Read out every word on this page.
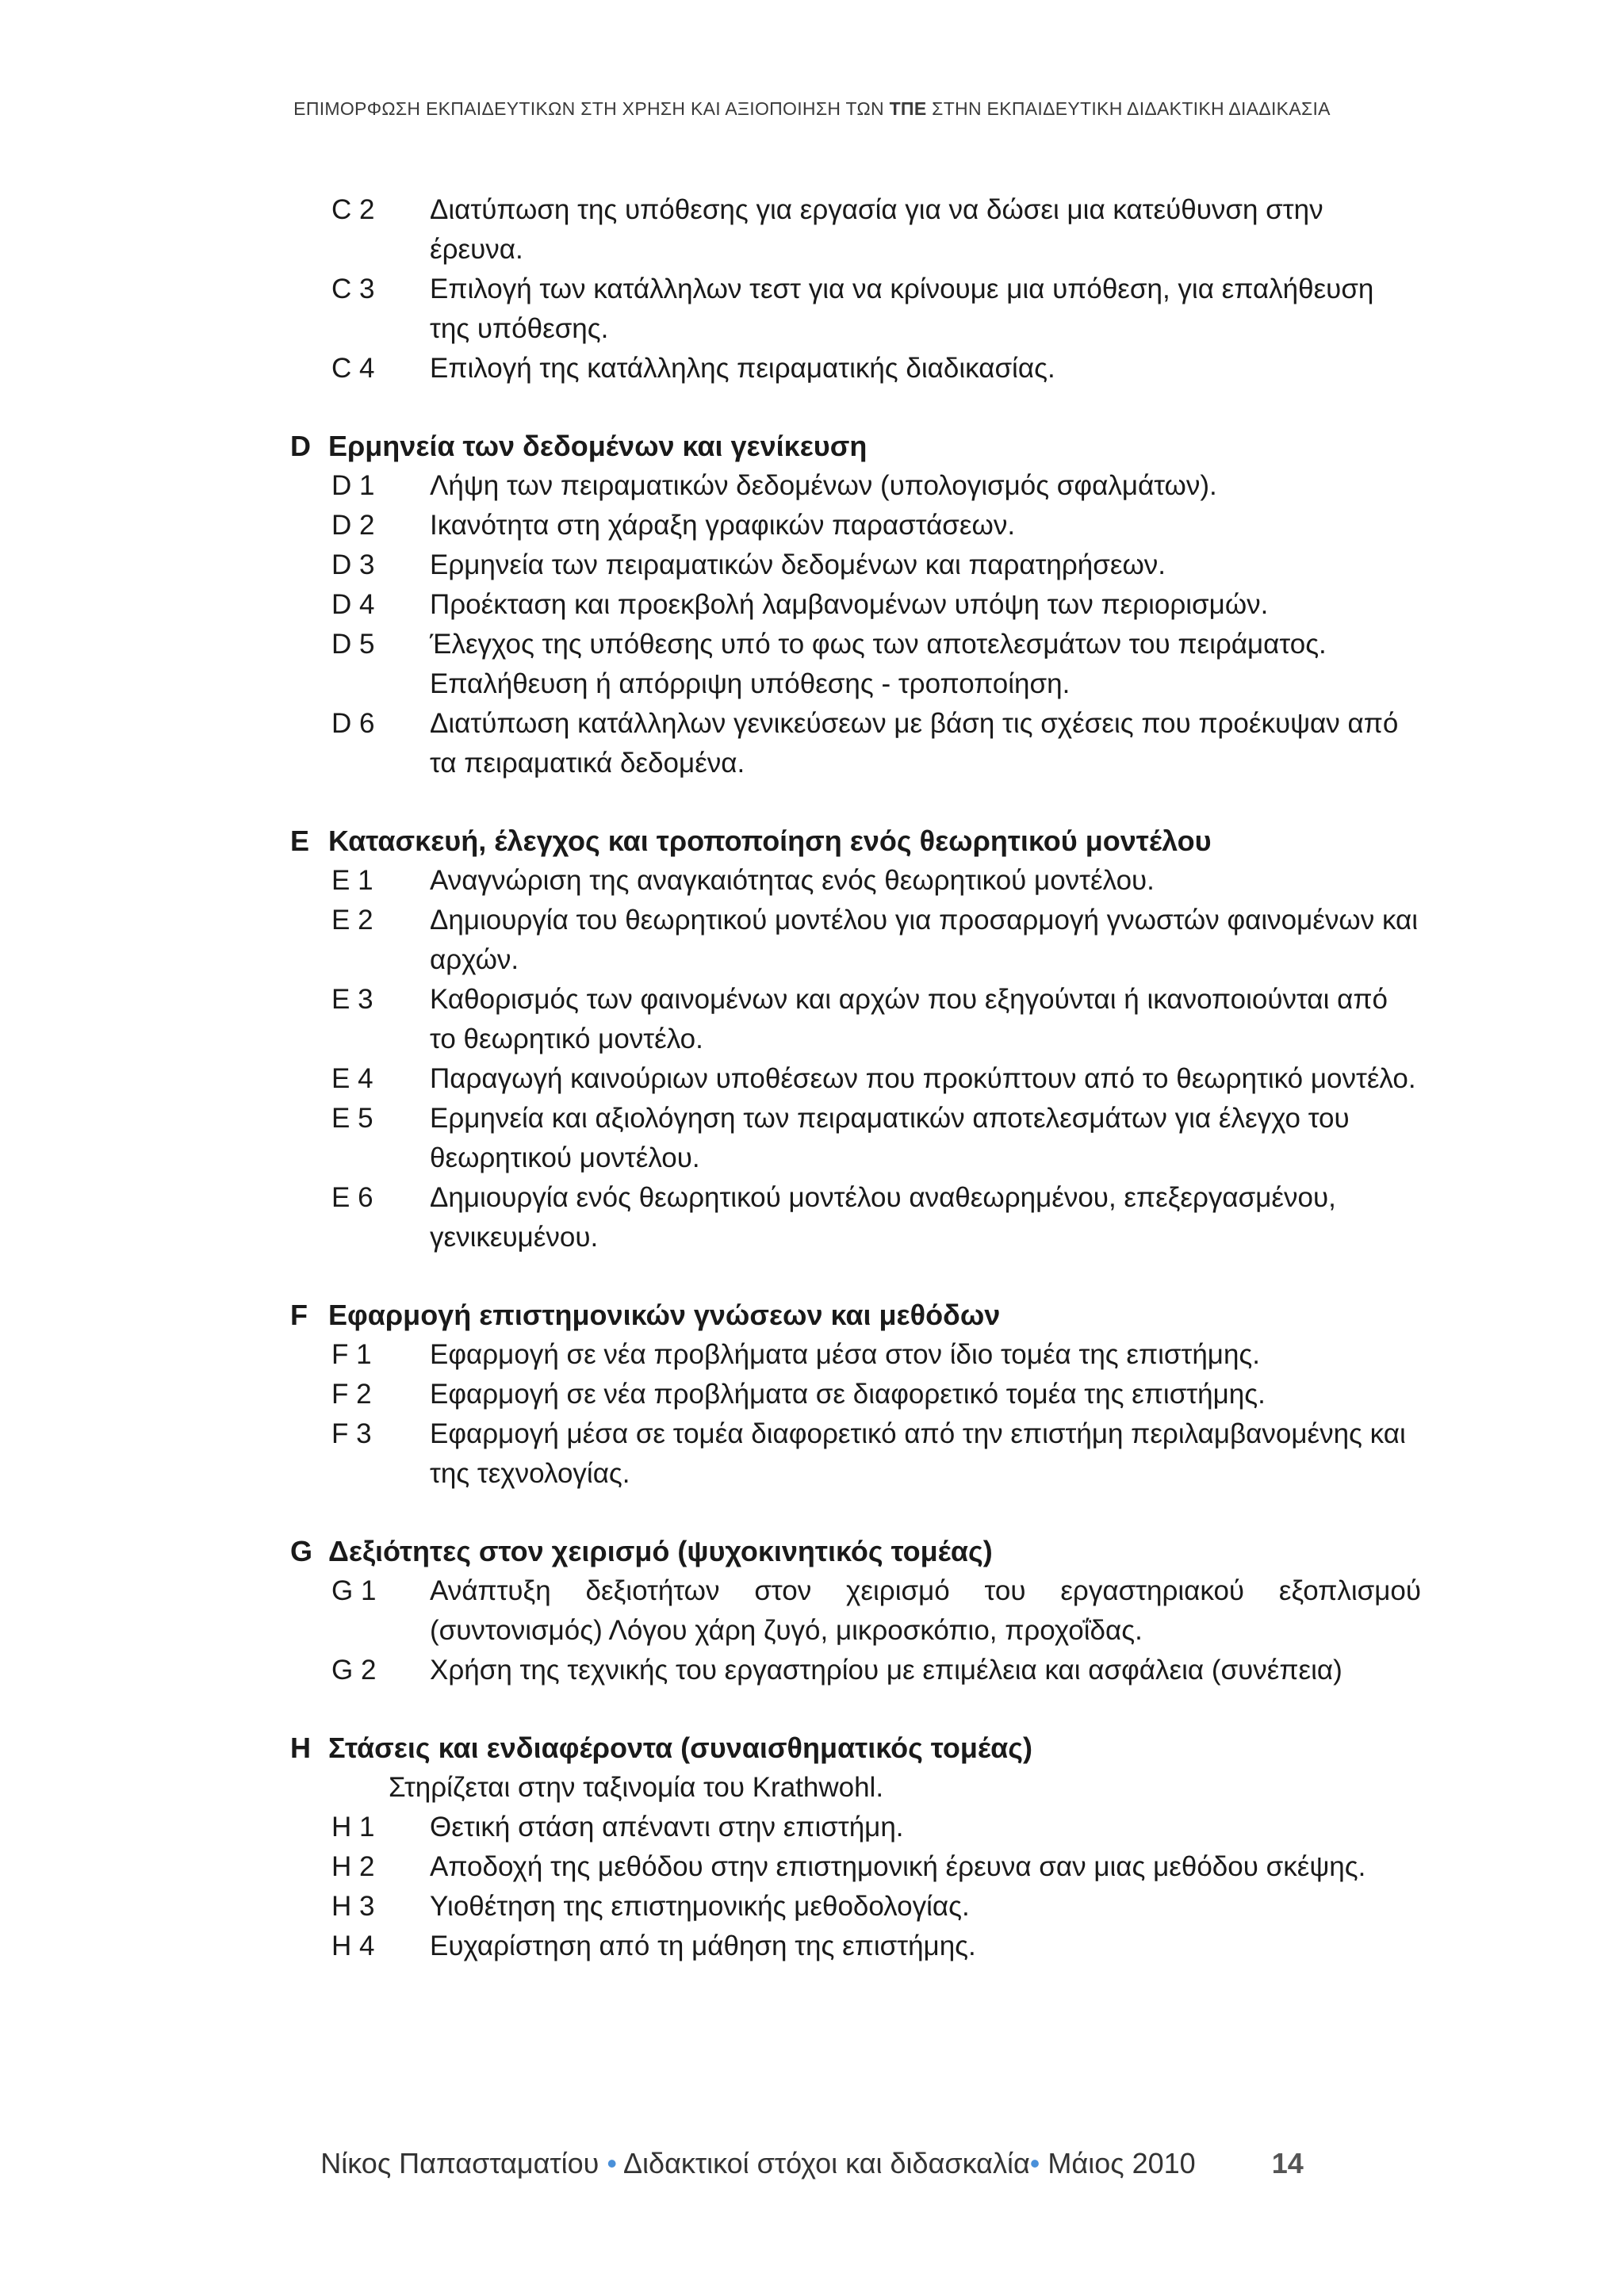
ΕΠΙΜΟΡΦΩΣΗ ΕΚΠΑΙΔΕΥΤΙΚΩΝ ΣΤΗ ΧΡΗΣΗ ΚΑΙ ΑΞΙΟΠΟΙΗΣΗ ΤΩΝ ΤΠΕ ΣΤΗΝ ΕΚΠΑΙΔΕΥΤΙΚΗ ΔΙΔΑΚΤΙΚΗ ΔΙΑΔΙΚΑΣΙΑ
C 2	Διατύπωση της υπόθεσης για εργασία για να δώσει μια κατεύθυνση στην έρευνα.
C 3	Επιλογή των κατάλληλων τεστ για να κρίνουμε μια υπόθεση, για επαλήθευση της υπόθεσης.
C 4	Επιλογή της κατάλληλης πειραματικής διαδικασίας.
D Ερμηνεία των δεδομένων και γενίκευση
D 1	Λήψη των πειραματικών δεδομένων (υπολογισμός σφαλμάτων).
D 2	Ικανότητα στη χάραξη γραφικών παραστάσεων.
D 3	Ερμηνεία των πειραματικών δεδομένων και παρατηρήσεων.
D 4	Προέκταση και προεκβολή λαμβανομένων υπόψη των περιορισμών.
D 5	Έλεγχος της υπόθεσης υπό το φως των αποτελεσμάτων του πειράματος. Επαλήθευση ή απόρριψη υπόθεσης - τροποποίηση.
D 6	Διατύπωση κατάλληλων γενικεύσεων με βάση τις σχέσεις που προέκυψαν από τα πειραματικά δεδομένα.
E Κατασκευή, έλεγχος και τροποποίηση ενός θεωρητικού μοντέλου
E 1	Αναγνώριση της αναγκαιότητας ενός θεωρητικού μοντέλου.
E 2	Δημιουργία του θεωρητικού μοντέλου για προσαρμογή γνωστών φαινομένων και αρχών.
E 3	Καθορισμός των φαινομένων και αρχών που εξηγούνται ή ικανοποιούνται από το θεωρητικό μοντέλο.
E 4	Παραγωγή καινούριων υποθέσεων που προκύπτουν από το θεωρητικό μοντέλο.
E 5	Ερμηνεία και αξιολόγηση των πειραματικών αποτελεσμάτων για έλεγχο του θεωρητικού μοντέλου.
E 6	Δημιουργία ενός θεωρητικού μοντέλου αναθεωρημένου, επεξεργασμένου, γενικευμένου.
F Εφαρμογή επιστημονικών γνώσεων και μεθόδων
F 1	Εφαρμογή σε νέα προβλήματα μέσα στον ίδιο τομέα της επιστήμης.
F 2	Εφαρμογή σε νέα προβλήματα σε διαφορετικό τομέα της επιστήμης.
F 3	Εφαρμογή μέσα σε τομέα διαφορετικό από την επιστήμη περιλαμβανομένης και της τεχνολογίας.
G Δεξιότητες στον χειρισμό (ψυχοκινητικός τομέας)
G 1	Ανάπτυξη δεξιοτήτων στον χειρισμό του εργαστηριακού εξοπλισμού (συντονισμός) Λόγου χάρη ζυγό, μικροσκόπιο, προχοΐδας.
G 2	Χρήση της τεχνικής του εργαστηρίου με επιμέλεια και ασφάλεια (συνέπεια)
H Στάσεις και ενδιαφέροντα (συναισθηματικός τομέας)
Στηρίζεται στην ταξινομία του Krathwohl.
H 1	Θετική στάση απέναντι στην επιστήμη.
H 2	Αποδοχή της μεθόδου στην επιστημονική έρευνα σαν μιας μεθόδου σκέψης.
H 3	Υιοθέτηση της επιστημονικής μεθοδολογίας.
H 4	Ευχαρίστηση από τη μάθηση της επιστήμης.
Νίκος Παπασταματίου • Διδακτικοί στόχοι και διδασκαλία• Μάιος 2010	14
